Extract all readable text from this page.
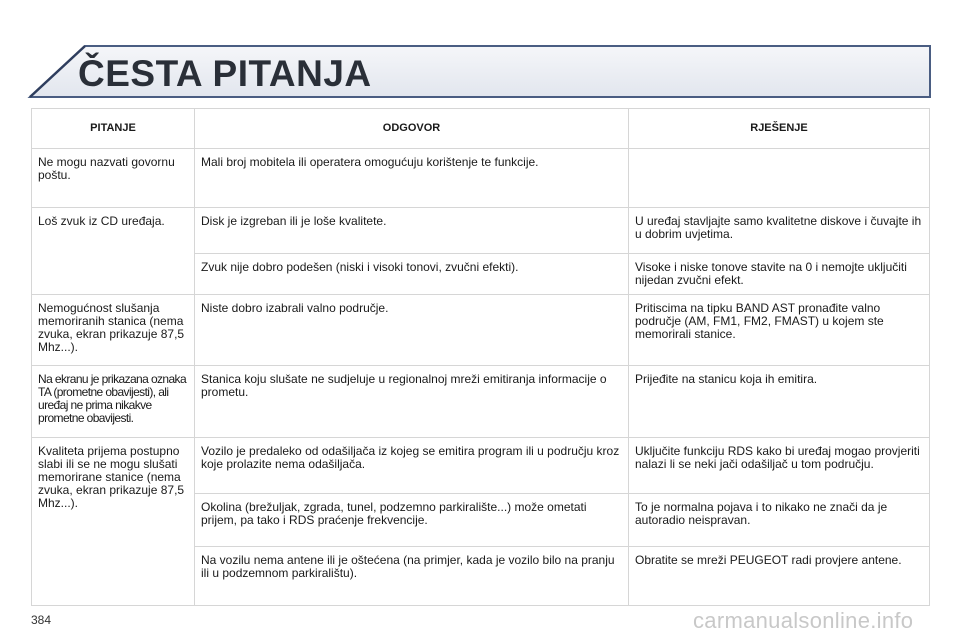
ČESTA PITANJA
PITANJE	ODGOVOR	RJEŠENJE
Ne mogu nazvati govornu poštu.	Mali broj mobitela ili operatera omogućuju korištenje te funkcije.	
Loš zvuk iz CD uređaja.	Disk je izgreban ili je loše kvalitete.	U uređaj stavljajte samo kvalitetne diskove i čuvajte ih u dobrim uvjetima.
	Zvuk nije dobro podešen (niski i visoki tonovi, zvučni efekti).	Visoke i niske tonove stavite na 0 i nemojte uključiti nijedan zvučni efekt.
Nemogućnost slušanja memoriranih stanica (nema zvuka, ekran prikazuje 87,5 Mhz...).	Niste dobro izabrali valno područje.	Pritiscima na tipku BAND AST pronađite valno područje (AM, FM1, FM2, FMAST) u kojem ste memorirali stanice.
Na ekranu je prikazana oznaka TA (prometne obavijesti), ali uređaj ne prima nikakve prometne obavijesti.	Stanica koju slušate ne sudjeluje u regionalnoj mreži emitiranja informacije o prometu.	Prijeđite na stanicu koja ih emitira.
Kvaliteta prijema postupno slabi ili se ne mogu slušati memorirane stanice (nema zvuka, ekran prikazuje 87,5 Mhz...).	Vozilo je predaleko od odašiljača iz kojeg se emitira program ili u području kroz koje prolazite nema odašiljača.	Uključite funkciju RDS kako bi uređaj mogao provjeriti nalazi li se neki jači odašiljač u tom području.
	Okolina (brežuljak, zgrada, tunel, podzemno parkiralište...) može ometati prijem, pa tako i RDS praćenje frekvencije.	To je normalna pojava i to nikako ne znači da je autoradio neispravan.
	Na vozilu nema antene ili je oštećena (na primjer, kada je vozilo bilo na pranju ili u podzemnom parkiralištu).	Obratite se mreži PEUGEOT radi provjere antene.
384	carmanualsonline.info
